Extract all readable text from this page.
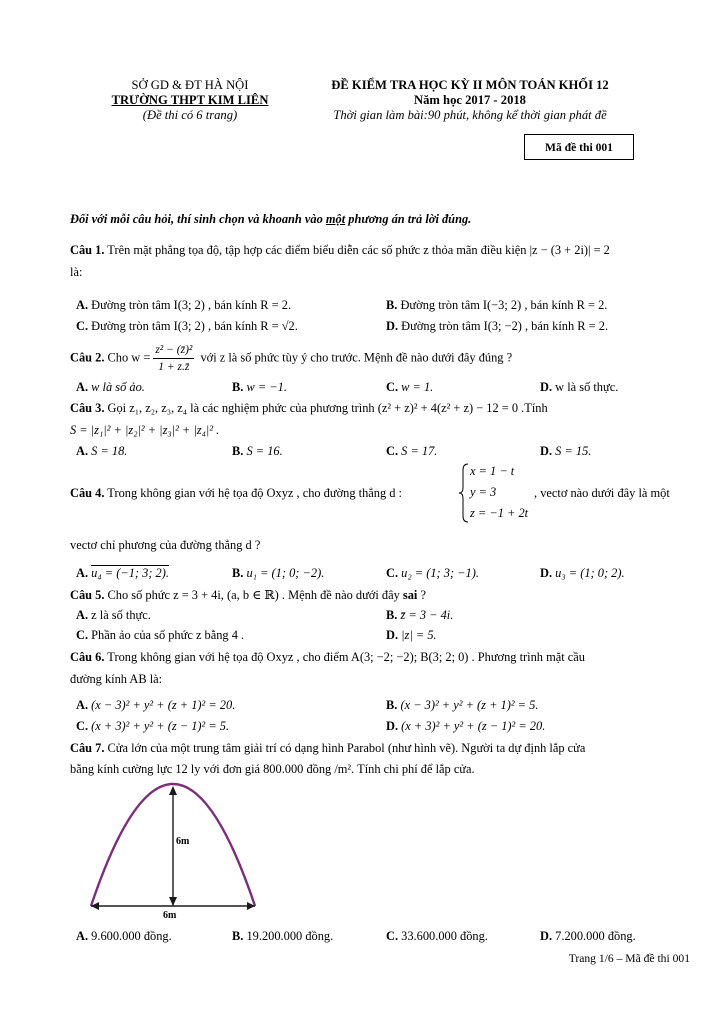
SỞ GD & ĐT HÀ NỘI
TRƯỜNG THPT KIM LIÊN
(Đề thi có 6 trang)
ĐỀ KIỂM TRA HỌC KỲ II MÔN TOÁN KHỐI 12
Năm học 2017 - 2018
Thời gian làm bài:90 phút, không kể thời gian phát đề
Mã đề thi 001
Đối với mỗi câu hỏi, thí sinh chọn và khoanh vào một phương án trả lời đúng.
Câu 1. Trên mặt phẳng tọa độ, tập hợp các điểm biểu diễn các số phức z thỏa mãn điều kiện |z − (3 + 2i)| = 2
là:
A. Đường tròn tâm I(3; 2) , bán kính R = 2.	B. Đường tròn tâm I(−3; 2) , bán kính R = 2.
C. Đường tròn tâm I(3; 2) , bán kính R = √2.	D. Đường tròn tâm I(3; −2) , bán kính R = 2.
Câu 2. Cho $w = \frac{\text{z² − (z̄)²}}{1 + z.z̄}$ với z là số phức tùy ý cho trước. Mệnh đề nào dưới đây đúng ?
A. w là số ảo.	B. w = −1.	C. w = 1.	D. w là số thực.
Câu 3. Gọi z₁, z₂, z₃, z₄ là các nghiệm phức của phương trình (z² + z)² + 4(z² + z) − 12 = 0 .Tính
S = |z₁|² + |z₂|² + |z₃|² + |z₄|² .
A. S = 18.	B. S = 16.	C. S = 17.	D. S = 15.
Câu 4. Trong không gian với hệ tọa độ Oxyz , cho đường thẳng d :
x = 1 − t
y = 3
z = −1 + 2t
, vectơ nào dưới đây là một
vectơ chỉ phương của đường thẳng d ?
A. u₄ = (−1; 3; 2).	B. u₁ = (1; 0; −2).	C. u₂ = (1; 3; −1).	D. u₃ = (1; 0; 2).
Câu 5. Cho số phức z = 3 + 4i, (a, b ∈ ℝ) . Mệnh đề nào dưới đây sai ?
A. z là số thực.	B. z̄ = 3 − 4i.
C. Phần ảo của số phức z bằng 4 .	D. |z| = 5.
Câu 6. Trong không gian với hệ tọa độ Oxyz , cho điểm A(3; −2; −2); B(3; 2; 0) . Phương trình mặt cầu
đường kính AB là:
A. (x − 3)² + y² + (z + 1)² = 20.	B. (x − 3)² + y² + (z + 1)² = 5.
C. (x + 3)² + y² + (z − 1)² = 5.	D. (x + 3)² + y² + (z − 1)² = 20.
Câu 7. Cửa lớn của một trung tâm giải trí có dạng hình Parabol (như hình vẽ). Người ta dự định lắp cửa
bằng kính cường lực 12 ly với đơn giá 800.000 đồng /m². Tính chi phí để lắp cửa.
6m
6m
A. 9.600.000 đồng.	B. 19.200.000 đồng.	C. 33.600.000 đồng.	D. 7.200.000 đồng.
Trang 1/6 – Mã đề thi 001
